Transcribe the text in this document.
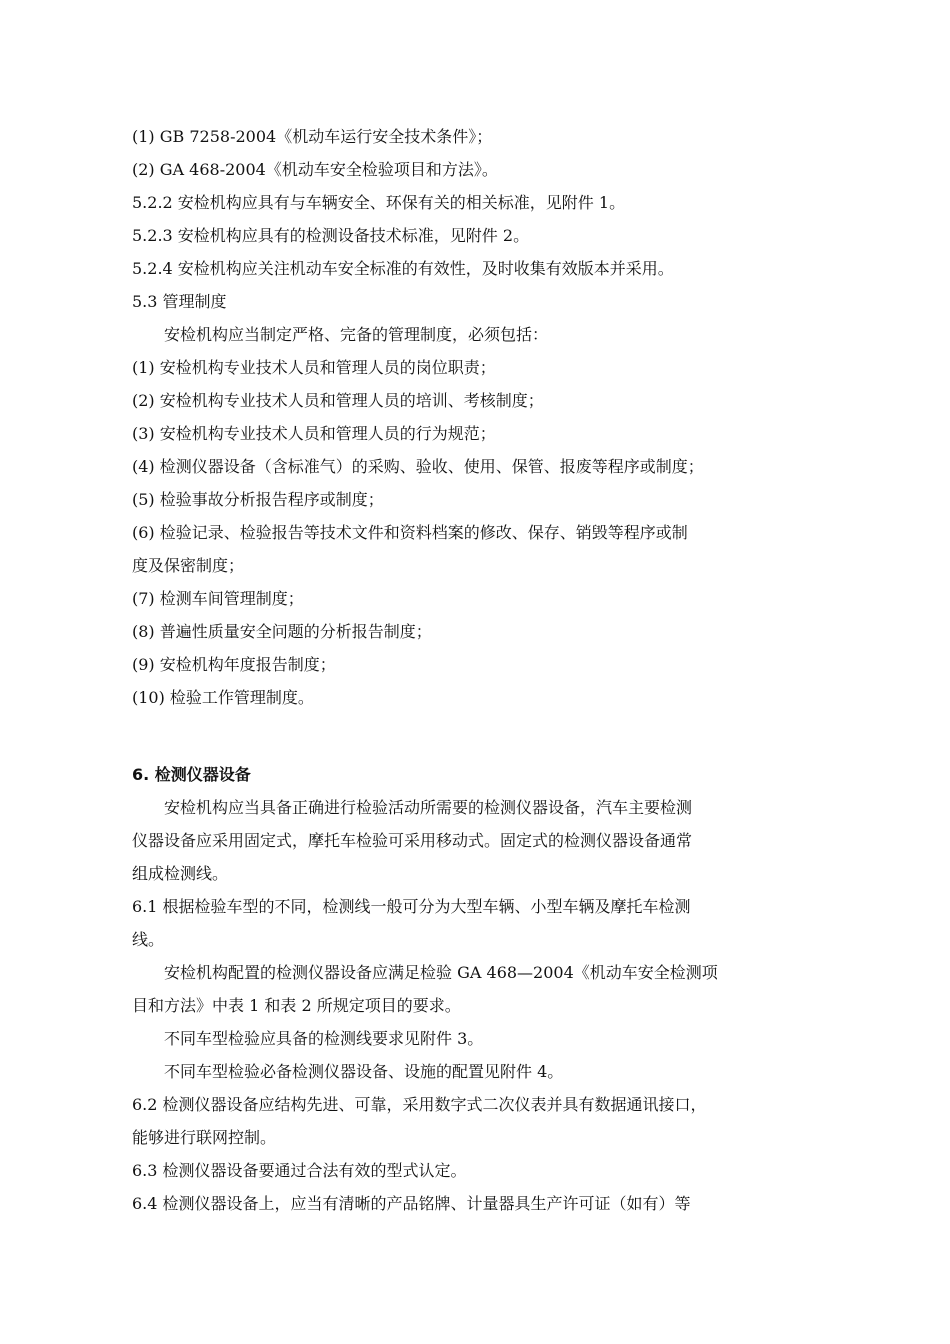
(1) GB 7258-2004《机动车运行安全技术条件》；
(2) GA 468-2004《机动车安全检验项目和方法》。
5.2.2 安检机构应具有与车辆安全、环保有关的相关标准，见附件 1。
5.2.3 安检机构应具有的检测设备技术标准，见附件 2。
5.2.4 安检机构应关注机动车安全标准的有效性，及时收集有效版本并采用。
5.3 管理制度
安检机构应当制定严格、完备的管理制度，必须包括：
(1) 安检机构专业技术人员和管理人员的岗位职责；
(2) 安检机构专业技术人员和管理人员的培训、考核制度；
(3) 安检机构专业技术人员和管理人员的行为规范；
(4) 检测仪器设备（含标准气）的采购、验收、使用、保管、报废等程序或制度；
(5) 检验事故分析报告程序或制度；
(6) 检验记录、检验报告等技术文件和资料档案的修改、保存、销毁等程序或制
度及保密制度；
(7) 检测车间管理制度；
(8) 普遍性质量安全问题的分析报告制度；
(9) 安检机构年度报告制度；
(10) 检验工作管理制度。
6. 检测仪器设备
安检机构应当具备正确进行检验活动所需要的检测仪器设备，汽车主要检测
仪器设备应采用固定式，摩托车检验可采用移动式。固定式的检测仪器设备通常
组成检测线。
6.1 根据检验车型的不同，检测线一般可分为大型车辆、小型车辆及摩托车检测
线。
安检机构配置的检测仪器设备应满足检验 GA 468—2004《机动车安全检测项
目和方法》中表 1 和表 2 所规定项目的要求。
不同车型检验应具备的检测线要求见附件 3。
不同车型检验必备检测仪器设备、设施的配置见附件 4。
6.2 检测仪器设备应结构先进、可靠，采用数字式二次仪表并具有数据通讯接口，
能够进行联网控制。
6.3 检测仪器设备要通过合法有效的型式认定。
6.4 检测仪器设备上，应当有清晰的产品铭牌、计量器具生产许可证（如有）等
